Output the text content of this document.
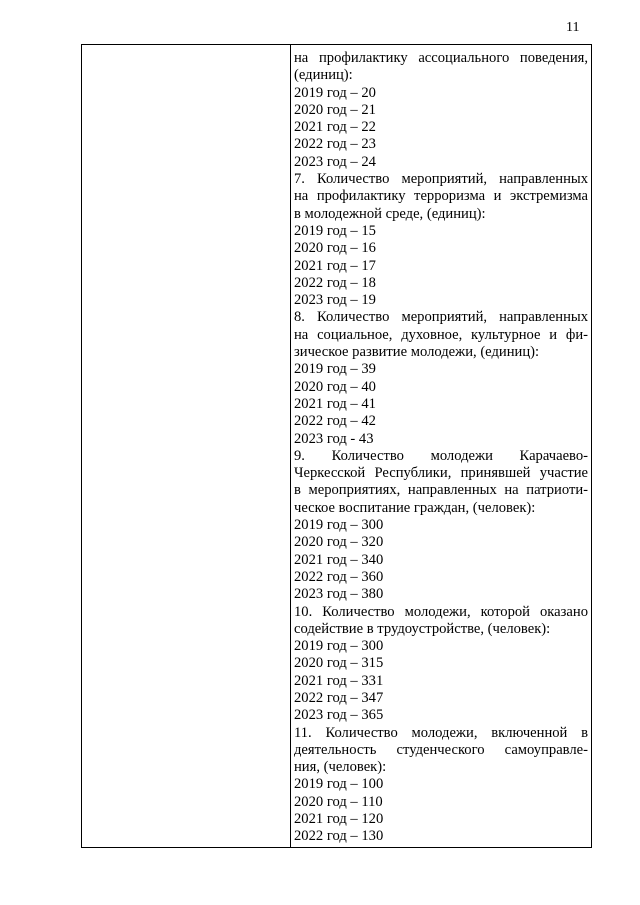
11
на профилактику ассоциального поведения,
(единиц):
2019 год – 20
2020 год – 21
2021 год – 22
2022 год – 23
2023 год – 24
7. Количество мероприятий, направленных
на профилактику терроризма и экстремизма
в молодежной среде, (единиц):
2019 год – 15
2020 год – 16
2021 год – 17
2022 год – 18
2023 год – 19
8. Количество мероприятий, направленных
на социальное, духовное, культурное и фи-
зическое развитие молодежи, (единиц):
2019 год – 39
2020 год – 40
2021 год – 41
2022 год – 42
2023 год - 43
9. Количество молодежи Карачаево-
Черкесской Республики, принявшей участие
в мероприятиях, направленных на патриоти-
ческое воспитание граждан, (человек):
2019 год – 300
2020 год – 320
2021 год – 340
2022 год – 360
2023 год – 380
10. Количество молодежи, которой оказано
содействие в трудоустройстве, (человек):
2019 год – 300
2020 год – 315
2021 год – 331
2022 год – 347
2023 год – 365
11. Количество молодежи, включенной в
деятельность студенческого самоуправле-
ния, (человек):
2019 год – 100
2020 год – 110
2021 год – 120
2022 год – 130
